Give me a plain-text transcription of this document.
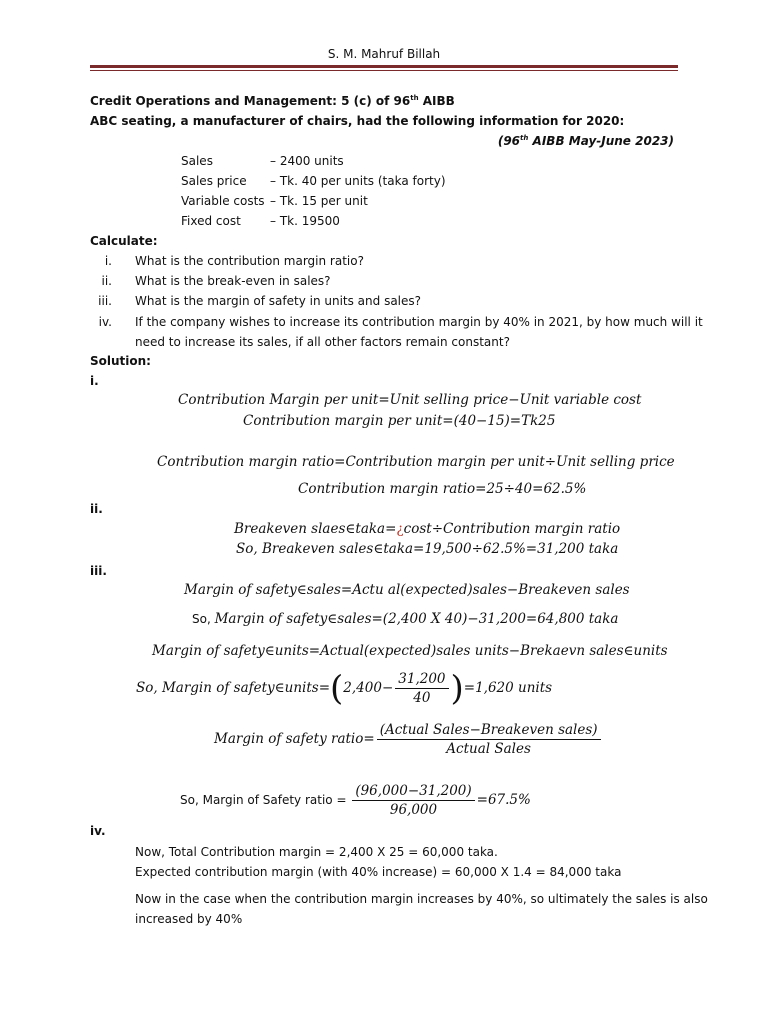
S. M. Mahruf Billah
Credit Operations and Management: 5 (c) of 96th AIBB
ABC seating, a manufacturer of chairs, had the following information for 2020:
(96th AIBB May-June 2023)
Sales	– 2400 units
Sales price – Tk. 40 per units (taka forty)
Variable costs – Tk. 15 per unit
Fixed cost – Tk. 19500
Calculate:
i. What is the contribution margin ratio?
ii. What is the break-even in sales?
iii. What is the margin of safety in units and sales?
iv. If the company wishes to increase its contribution margin by 40% in 2021, by how much will it
need to increase its sales, if all other factors remain constant?
Solution:
i.
Contribution Margin per unit=Unit selling price−Unit variable cost
Contribution margin per unit=(40−15)=Tk25
Contribution margin ratio=Contribution margin per unit÷Unit selling price
Contribution margin ratio=25÷40=62.5%
ii.
Breakeven slaes∈taka=¿cost÷Contribution margin ratio
So, Breakeven sales∈taka=19,500÷62.5%=31,200 taka
iii.
Margin of safety∈sales=Actu al(expected)sales−Breakeven sales
So, Margin of safety∈sales=(2,400 X 40)−31,200=64,800 taka
Margin of safety∈units=Actual(expected)sales units−Brekaevn sales∈units
So, Margin of safety∈units=(2,400− $\frac{31,200}{40} )=1,620$ units
Margin of safety ratio= $\frac{\text{(Actual Sales−Breakeven sales)}}{\text{Actual Sales}}$
So, Margin of Safety ratio = $\frac{(96,000-31,200)}{96,000} =67.5\%$
iv.
Now, Total Contribution margin = 2,400 X 25 = 60,000 taka.
Expected contribution margin (with 40% increase) = 60,000 X 1.4 = 84,000 taka
Now in the case when the contribution margin increases by 40%, so ultimately the sales is also
increased by 40%
